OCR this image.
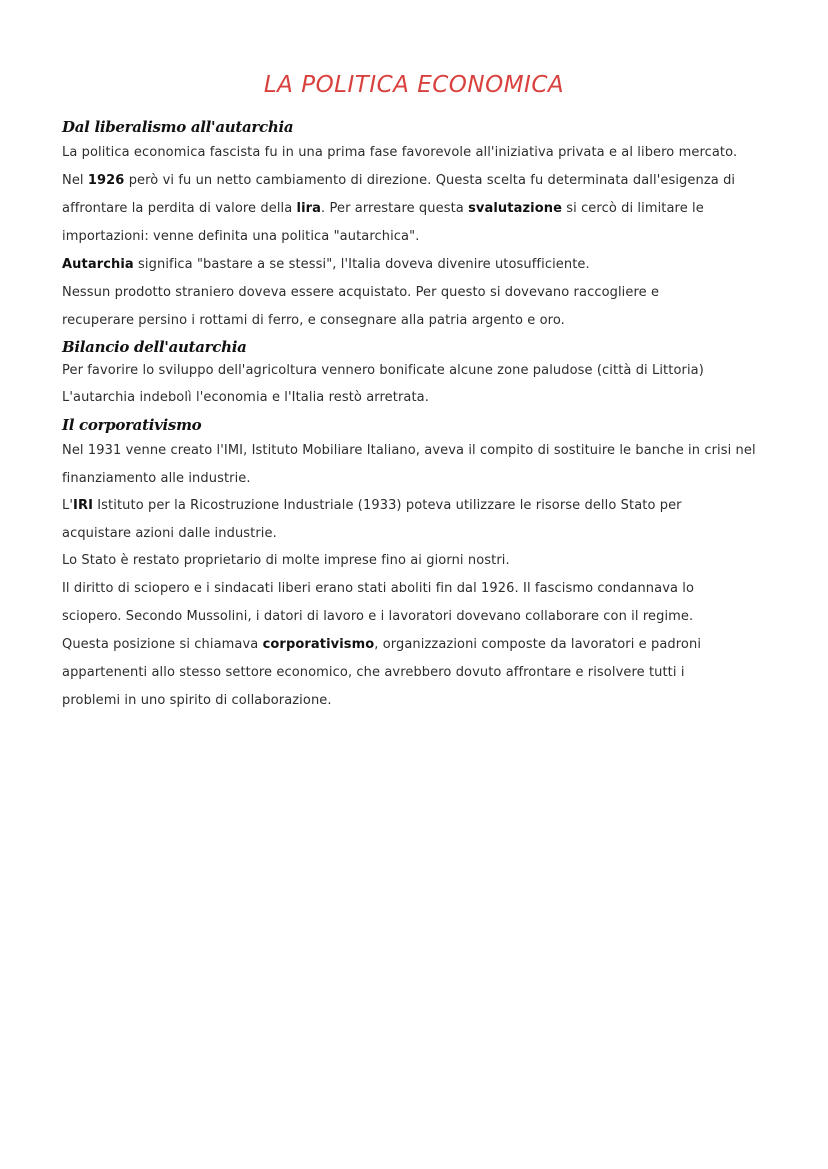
LA POLITICA ECONOMICA
Dal liberalismo all'autarchia
La politica economica fascista fu in una prima fase favorevole all'iniziativa privata e al libero mercato.
Nel 1926 però vi fu un netto cambiamento di direzione. Questa scelta fu determinata dall'esigenza di
affrontare la perdita di valore della lira. Per arrestare questa svalutazione si cercò di limitare le
importazioni: venne definita una politica "autarchica".
Autarchia significa "bastare a se stessi", l'Italia doveva divenire utosufficiente.
Nessun prodotto straniero doveva essere acquistato. Per questo si dovevano raccogliere e
recuperare persino i rottami di ferro, e consegnare alla patria argento e oro.
Bilancio dell'autarchia
Per favorire lo sviluppo dell'agricoltura vennero bonificate alcune zone paludose (città di Littoria)
L'autarchia indebolì l'economia e l'Italia restò arretrata.
Il corporativismo
Nel 1931 venne creato l'IMI, Istituto Mobiliare Italiano, aveva il compito di sostituire le banche in crisi nel
finanziamento alle industrie.
L'IRI Istituto per la Ricostruzione Industriale (1933) poteva utilizzare le risorse dello Stato per
acquistare azioni dalle industrie.
Lo Stato è restato proprietario di molte imprese fino ai giorni nostri.
Il diritto di sciopero e i sindacati liberi erano stati aboliti fin dal 1926. Il fascismo condannava lo
sciopero. Secondo Mussolini, i datori di lavoro e i lavoratori dovevano collaborare con il regime.
Questa posizione si chiamava corporativismo, organizzazioni composte da lavoratori e padroni
appartenenti allo stesso settore economico, che avrebbero dovuto affrontare e risolvere tutti i
problemi in uno spirito di collaborazione.
